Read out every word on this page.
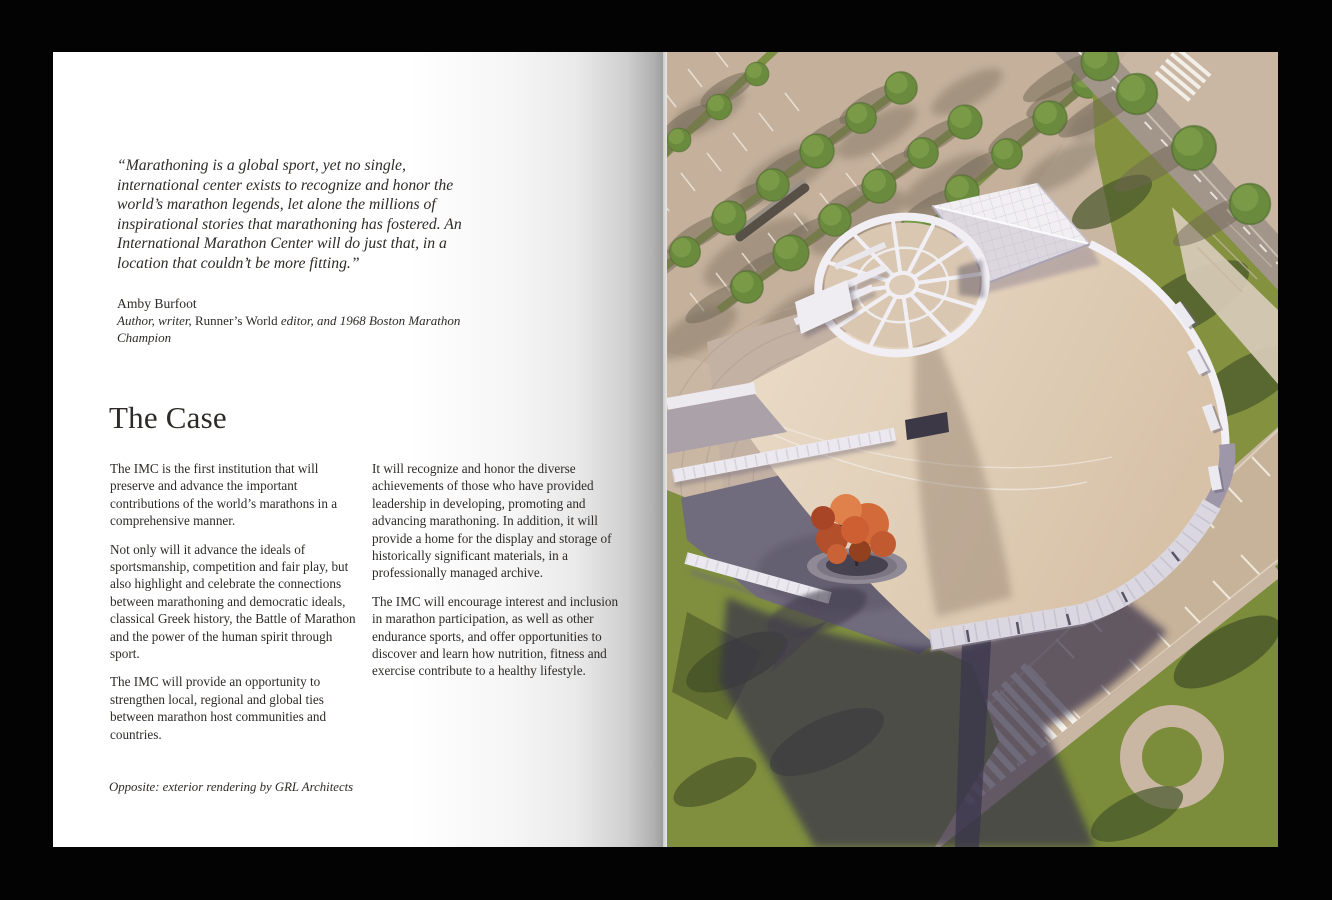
“Marathoning is a global sport, yet no single, international center exists to recognize and honor the world’s marathon legends, let alone the millions of inspirational stories that marathoning has fostered. An International Marathon Center will do just that, in a location that couldn’t be more fitting.”

Amby Burfoot

Author, writer, Runner’s World editor, and 1968 Boston Marathon Champion

The Case

The IMC is the first institution that will preserve and advance the important contributions of the world’s marathons in a comprehensive manner.

Not only will it advance the ideals of sportsmanship, competition and fair play, but also highlight and celebrate the connections between marathoning and democratic ideals, classical Greek history, the Battle of Marathon and the power of the human spirit through sport.

The IMC will provide an opportunity to strengthen local, regional and global ties between marathon host communities and countries.

It will recognize and honor the diverse achievements of those who have provided leadership in developing, promoting and advancing marathoning. In addition, it will provide a home for the display and storage of historically significant materials, in a professionally managed archive.

The IMC will encourage interest and inclusion in marathon participation, as well as other endurance sports, and offer opportunities to discover and learn how nutrition, fitness and exercise contribute to a healthy lifestyle.

Opposite: exterior rendering by GRL Architects
